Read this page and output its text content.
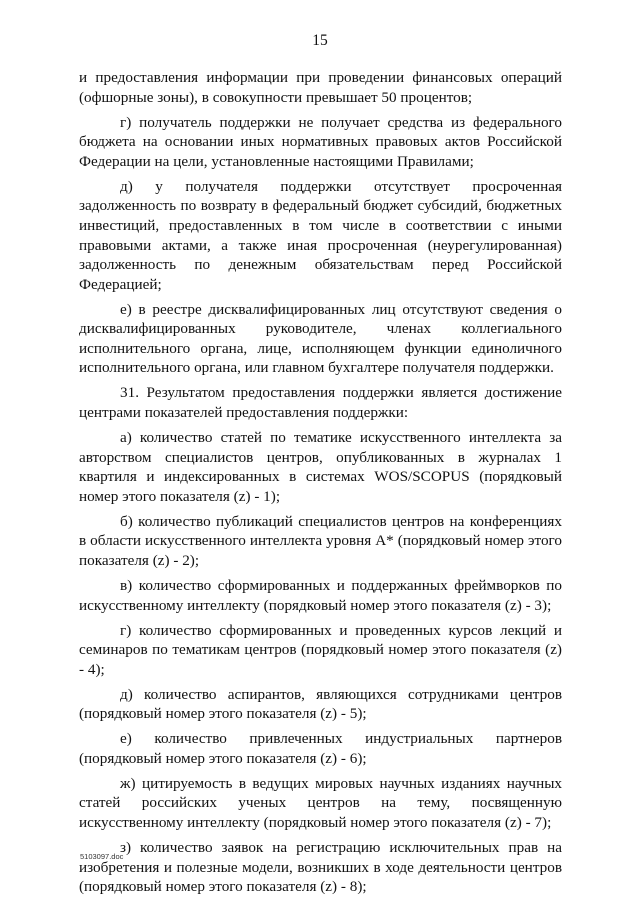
15

и предоставления информации при проведении финансовых операций (офшорные зоны), в совокупности превышает 50 процентов;

г) получатель поддержки не получает средства из федерального бюджета на основании иных нормативных правовых актов Российской Федерации на цели, установленные настоящими Правилами;

д) у получателя поддержки отсутствует просроченная задолженность по возврату в федеральный бюджет субсидий, бюджетных инвестиций, предоставленных в том числе в соответствии с иными правовыми актами, а также иная просроченная (неурегулированная) задолженность по денежным обязательствам перед Российской Федерацией;

е) в реестре дисквалифицированных лиц отсутствуют сведения о дисквалифицированных руководителе, членах коллегиального исполнительного органа, лице, исполняющем функции единоличного исполнительного органа, или главном бухгалтере получателя поддержки.

31. Результатом предоставления поддержки является достижение центрами показателей предоставления поддержки:

а) количество статей по тематике искусственного интеллекта за авторством специалистов центров, опубликованных в журналах 1 квартиля и индексированных в системах WOS/SCOPUS (порядковый номер этого показателя (z) - 1);

б) количество публикаций специалистов центров на конференциях в области искусственного интеллекта уровня A* (порядковый номер этого показателя (z) - 2);

в) количество сформированных и поддержанных фреймворков по искусственному интеллекту (порядковый номер этого показателя (z) - 3);

г) количество сформированных и проведенных курсов лекций и семинаров по тематикам центров (порядковый номер этого показателя (z) - 4);

д) количество аспирантов, являющихся сотрудниками центров (порядковый номер этого показателя (z) - 5);

е) количество привлеченных индустриальных партнеров (порядковый номер этого показателя (z) - 6);

ж) цитируемость в ведущих мировых научных изданиях научных статей российских ученых центров на тему, посвященную искусственному интеллекту (порядковый номер этого показателя (z) - 7);

з) количество заявок на регистрацию исключительных прав на изобретения и полезные модели, возникших в ходе деятельности центров (порядковый номер этого показателя (z) - 8);

5103097.doc
